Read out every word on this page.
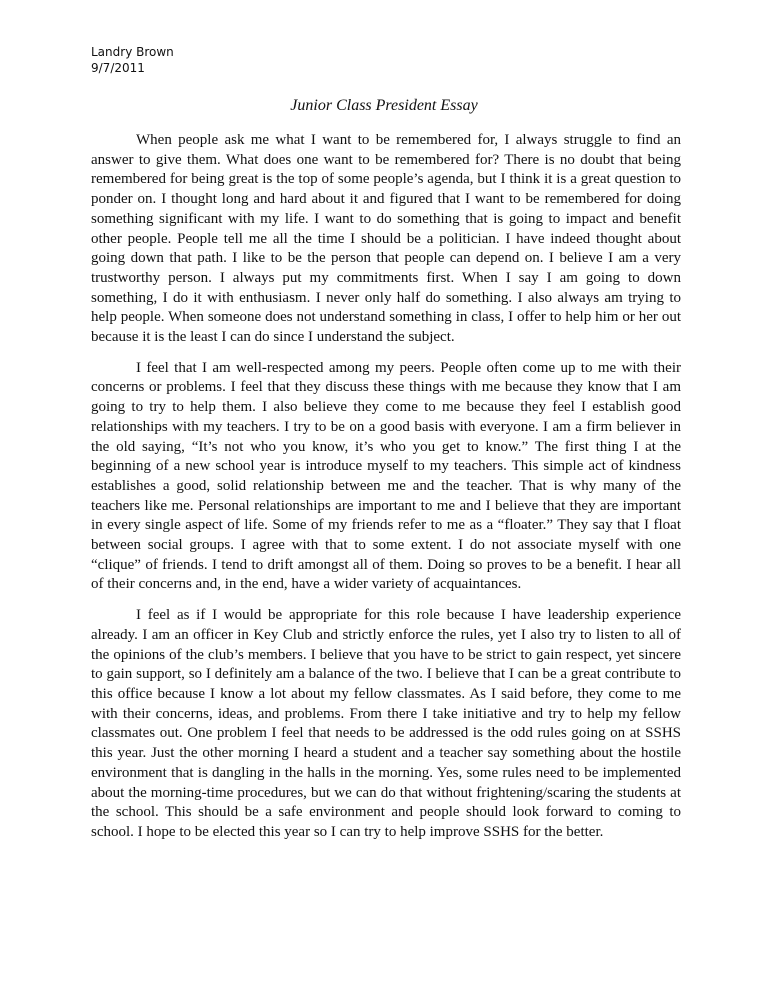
Landry Brown
9/7/2011
Junior Class President Essay

When people ask me what I want to be remembered for, I always struggle to find an answer to give them. What does one want to be remembered for? There is no doubt that being remembered for being great is the top of some people’s agenda, but I think it is a great question to ponder on. I thought long and hard about it and figured that I want to be remembered for doing something significant with my life. I want to do something that is going to impact and benefit other people. People tell me all the time I should be a politician. I have indeed thought about going down that path. I like to be the person that people can depend on. I believe I am a very trustworthy person. I always put my commitments first. When I say I am going to down something, I do it with enthusiasm. I never only half do something. I also always am trying to help people. When someone does not understand something in class, I offer to help him or her out because it is the least I can do since I understand the subject.

I feel that I am well-respected among my peers. People often come up to me with their concerns or problems. I feel that they discuss these things with me because they know that I am going to try to help them. I also believe they come to me because they feel I establish good relationships with my teachers. I try to be on a good basis with everyone. I am a firm believer in the old saying, “It’s not who you know, it’s who you get to know.” The first thing I at the beginning of a new school year is introduce myself to my teachers. This simple act of kindness establishes a good, solid relationship between me and the teacher. That is why many of the teachers like me. Personal relationships are important to me and I believe that they are important in every single aspect of life. Some of my friends refer to me as a “floater.” They say that I float between social groups. I agree with that to some extent. I do not associate myself with one “clique” of friends. I tend to drift amongst all of them. Doing so proves to be a benefit. I hear all of their concerns and, in the end, have a wider variety of acquaintances.

I feel as if I would be appropriate for this role because I have leadership experience already. I am an officer in Key Club and strictly enforce the rules, yet I also try to listen to all of the opinions of the club’s members. I believe that you have to be strict to gain respect, yet sincere to gain support, so I definitely am a balance of the two. I believe that I can be a great contribute to this office because I know a lot about my fellow classmates. As I said before, they come to me with their concerns, ideas, and problems. From there I take initiative and try to help my fellow classmates out. One problem I feel that needs to be addressed is the odd rules going on at SSHS this year. Just the other morning I heard a student and a teacher say something about the hostile environment that is dangling in the halls in the morning. Yes, some rules need to be implemented about the morning-time procedures, but we can do that without frightening/scaring the students at the school. This should be a safe environment and people should look forward to coming to school. I hope to be elected this year so I can try to help improve SSHS for the better.
